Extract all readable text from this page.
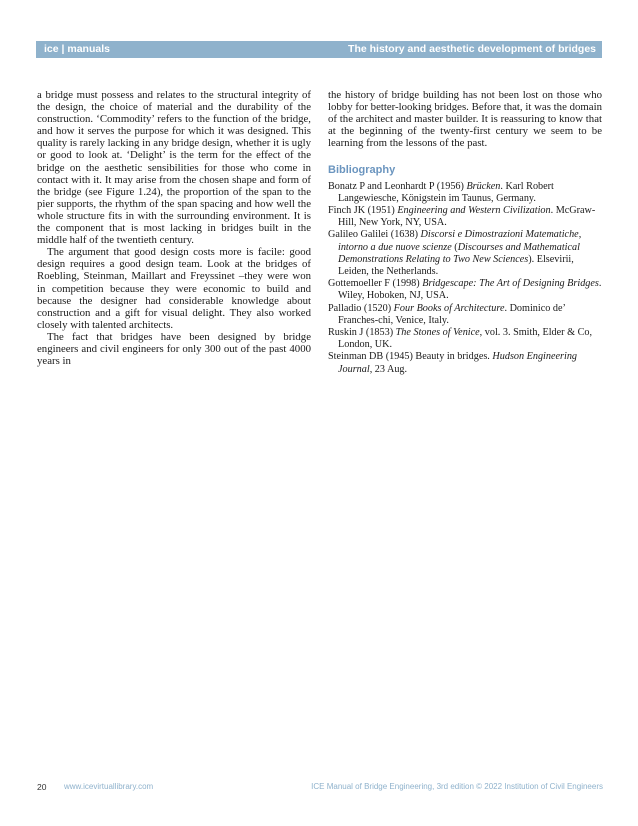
ice | manuals	The history and aesthetic development of bridges

a bridge must possess and relates to the structural integrity of the design, the choice of material and the durability of the construction. ‘Commodity’ refers to the function of the bridge, and how it serves the purpose for which it was designed. This quality is rarely lacking in any bridge design, whether it is ugly or good to look at. ‘Delight’ is the term for the effect of the bridge on the aesthetic sensibilities for those who come in contact with it. It may arise from the chosen shape and form of the bridge (see Figure 1.24), the proportion of the span to the pier supports, the rhythm of the span spacing and how well the whole structure fits in with the surrounding environment. It is the component that is most lacking in bridges built in the middle half of the twentieth century.

The argument that good design costs more is facile: good design requires a good design team. Look at the bridges of Roebling, Steinman, Maillart and Freyssinet –they were won in competition because they were economic to build and because the designer had considerable knowledge about construction and a gift for visual delight. They also worked closely with talented architects.

The fact that bridges have been designed by bridge engineers and civil engineers for only 300 out of the past 4000 years in

the history of bridge building has not been lost on those who lobby for better-looking bridges. Before that, it was the domain of the architect and master builder. It is reassuring to know that at the beginning of the twenty-first century we seem to be learning from the lessons of the past.

Bibliography

Bonatz P and Leonhardt P (1956) Brücken. Karl Robert Langewiesche, Königstein im Taunus, Germany.

Finch JK (1951) Engineering and Western Civilization. McGraw-Hill, New York, NY, USA.

Galileo Galilei (1638) Discorsi e Dimostrazioni Matematiche, intorno a due nuove scienze (Discourses and Mathematical Demonstrations Relating to Two New Sciences). Elsevirii, Leiden, the Netherlands.

Gottemoeller F (1998) Bridgescape: The Art of Designing Bridges. Wiley, Hoboken, NJ, USA.

Palladio (1520) Four Books of Architecture. Dominico de’ Franches-chi, Venice, Italy.

Ruskin J (1853) The Stones of Venice, vol. 3. Smith, Elder & Co, London, UK.

Steinman DB (1945) Beauty in bridges. Hudson Engineering Journal, 23 Aug.

20 www.icevirtuallibrary.com	ICE Manual of Bridge Engineering, 3rd edition © 2022 Institution of Civil Engineers
